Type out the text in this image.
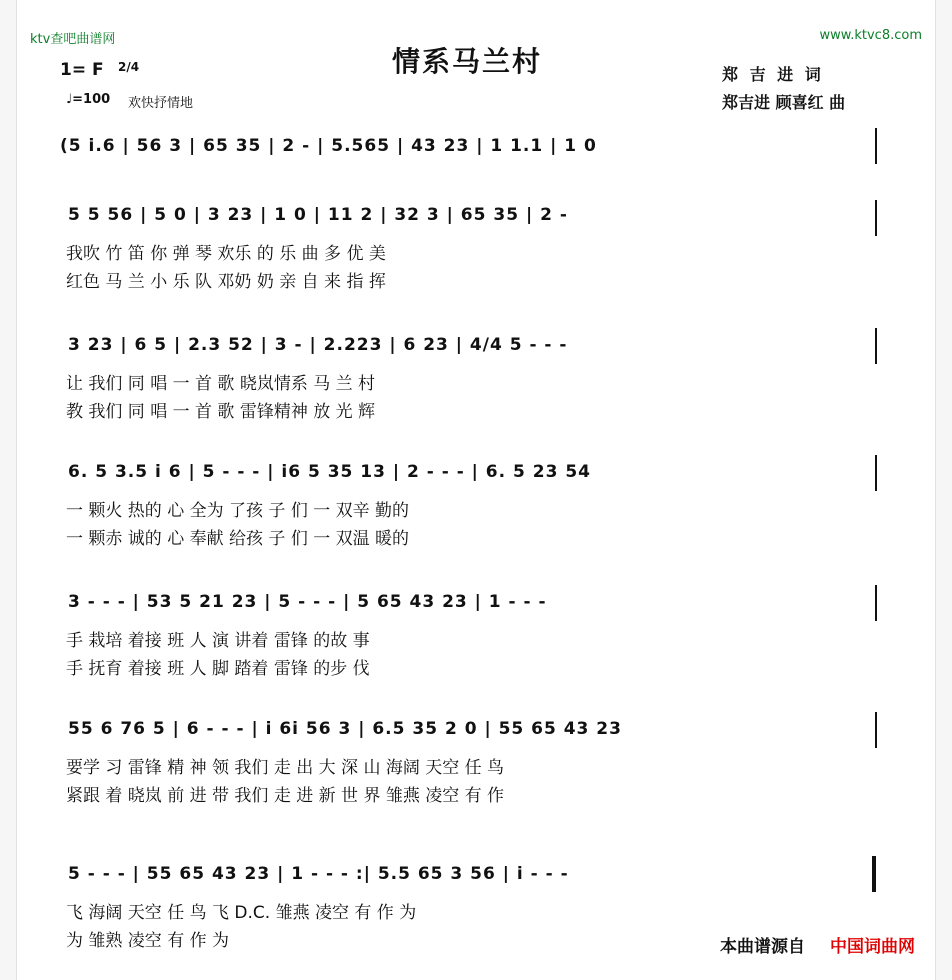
ktv查吧曲谱网	www.ktvc8.com
情系马兰村
1= F 2/4
♩=100 欢快抒情地
郑 吉 进 词
郑吉进 顾喜红 曲
(5 i.6 | 56 3 | 65 35 | 2 - | 5.565 | 43 23 | 1 1.1 | 1 0
5 5 56 | 5 0 | 3 23 | 1 0 | 11 2 | 32 3 | 65 35 | 2 -
我吹 竹 笛 你 弹 琴 欢乐 的 乐 曲 多 优 美
红色 马 兰 小 乐 队 邓奶 奶 亲 自 来 指 挥
3 23 | 6 5 | 2.3 52 | 3 - | 2.223 | 6 23 | 4/4 5 - - -
让 我们 同 唱 一 首 歌 晓岚情系 马 兰 村
教 我们 同 唱 一 首 歌 雷锋精神 放 光 辉
6. 5 3.5 i 6 | 5 - - - | i6 5 35 13 | 2 - - - | 6. 5 23 54
一 颗火 热的 心 全为 了孩 子 们 一 双辛 勤的
一 颗赤 诚的 心 奉献 给孩 子 们 一 双温 暖的
3 - - - | 53 5 21 23 | 5 - - - | 5 65 43 23 | 1 - - -
手 栽培 着接 班 人 演 讲着 雷锋 的故 事
手 抚育 着接 班 人 脚 踏着 雷锋 的步 伐
55 6 76 5 | 6 - - - | i 6i 56 3 | 6.5 35 2 0 | 55 65 43 23
要学 习 雷锋 精 神 领 我们 走 出 大 深 山 海阔 天空 任 鸟
紧跟 着 晓岚 前 进 带 我们 走 进 新 世 界 雏燕 凌空 有 作
5 - - - | 55 65 43 23 | 1 - - - :| 5.5 65 3 56 | i - - -
飞 海阔 天空 任 鸟 飞 D.C. 雏燕 凌空 有 作 为
为 雏熟 凌空 有 作 为	本曲谱源自 中国词曲网
